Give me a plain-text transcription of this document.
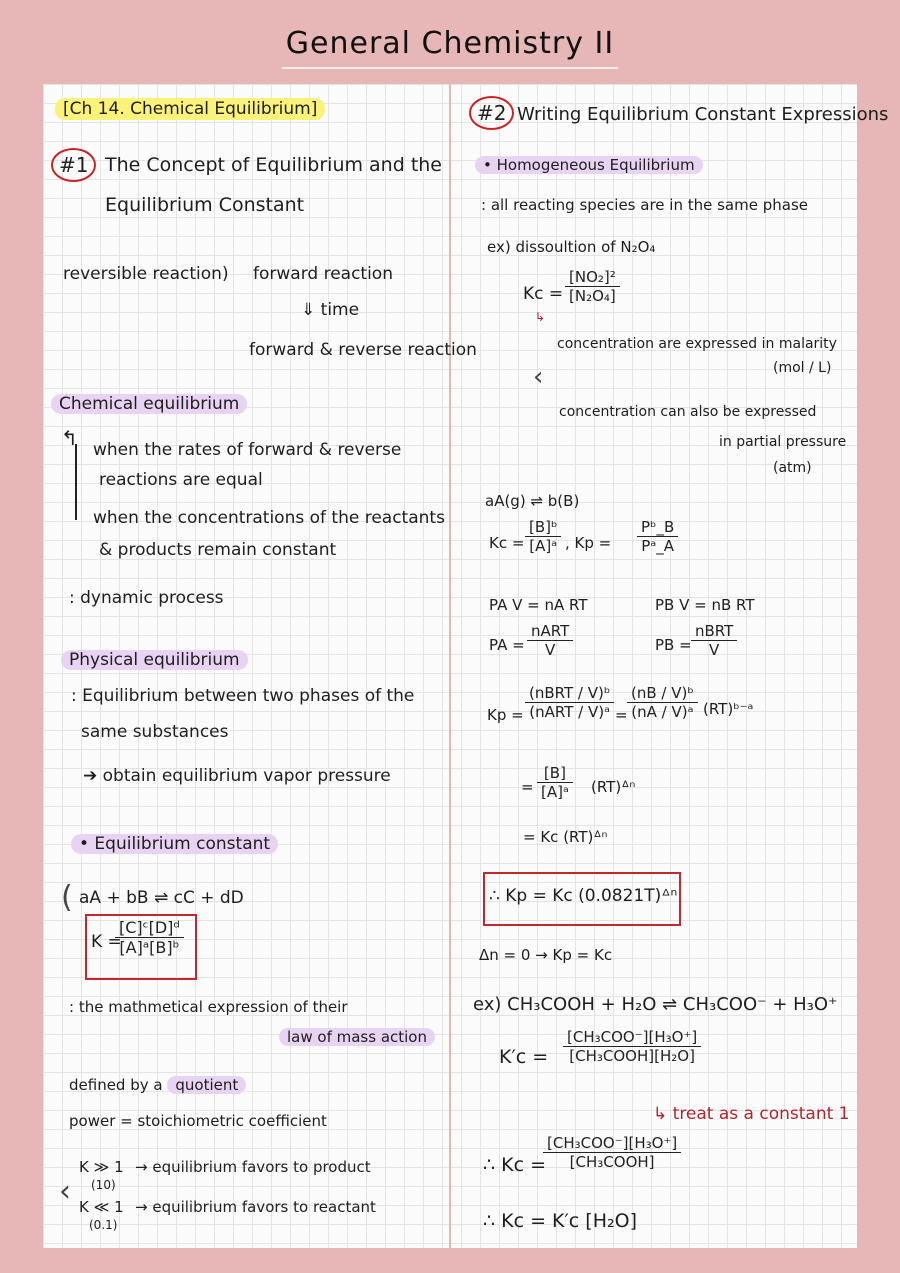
General Chemistry II
[Ch 14. Chemical Equilibrium]
#1 The Concept of Equilibrium and the
Equilibrium Constant
reversible reaction) forward reaction
⇓ time
forward & reverse reaction
Chemical equilibrium
↰ when the rates of forward & reverse
reactions are equal
when the concentrations of the reactants
& products remain constant
: dynamic process
Physical equilibrium
: Equilibrium between two phases of the
same substances
➔ obtain equilibrium vapor pressure
• Equilibrium constant
aA + bB ⇌ cC + dD
(
K =
$\frac{\text{[C]ᶜ[D]ᵈ}}{\text{[A]ᵃ[B]ᵇ}}$
: the mathmetical expression of their
law of mass action
defined by a quotient
power = stoichiometric coefficient
‹
K ≫ 1
(10)
→ equilibrium favors to product
K ≪ 1
(0.1)
→ equilibrium favors to reactant
#2 Writing Equilibrium Constant Expressions
• Homogeneous Equilibrium
: all reacting species are in the same phase
ex) dissoultion of N₂O₄
$Kc = \frac{\text{[NO₂]²}}{\text{[N₂O₄]}}$
↳
concentration are expressed in malarity
(mol / L)
‹
concentration can also be expressed
in partial pressure
(atm)
aA(g) ⇌ b(B)
$Kc = \frac{\text{[B]ᵇ}}{\text{[A]ᵃ}}$ , $Kp = \frac{\text{Pᵇ\_B}}{\text{Pᵃ\_A}}$
PA V = nA RT	PB V = nB RT
PA =
nART
V	PB =
nBRT
V
Kp =
(nBRT / V)ᵇ
(nART / V)ᵃ = $\frac{\text{(nB / V)ᵇ}}{\text{(nA / V)ᵃ}}$ (RT)ᵇ⁻ᵃ
= $\frac{[B]}{\text{[A]ᵃ}}$ (RT)ᐞⁿ
= Kc (RT)ᐞⁿ
∴ Kp = Kc (0.0821T)ᐞⁿ
Δn = 0 → Kp = Kc
ex) CH₃COOH + H₂O ⇌ CH₃COO⁻ + H₃O⁺
K′c =
[CH₃COO⁻][H₃O⁺]
[CH₃COOH][H₂O]
↳ treat as a constant 1
∴ Kc =
[CH₃COO⁻][H₃O⁺]
[CH₃COOH]
∴ Kc = K′c [H₂O]
